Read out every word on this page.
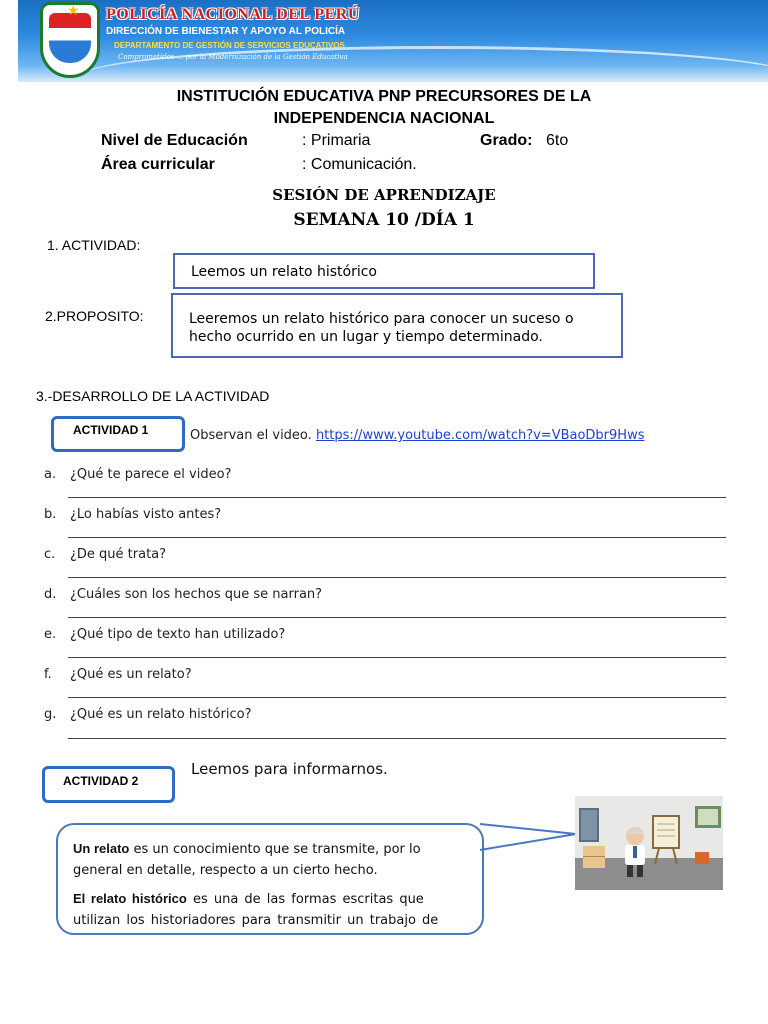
★ POLICÍA NACIONAL DEL PERÚ
DIRECCIÓN DE BIENESTAR Y APOYO AL POLICÍA
DEPARTAMENTO DE GESTIÓN DE SERVICIOS EDUCATIVOS
Comprometidos ... por la Modernización de la Gestión Educativa
INSTITUCIÓN EDUCATIVA PNP PRECURSORES DE LA
INDEPENDENCIA NACIONAL
Nivel de Educación	: Primaria	Grado: 6to
Área curricular	: Comunicación.
SESIÓN DE APRENDIZAJE
SEMANA 10 /DÍA 1
1. ACTIVIDAD:
Leemos un relato histórico
2.PROPOSITO:	Leeremos un relato histórico para conocer un suceso o
hecho ocurrido en un lugar y tiempo determinado.
3.-DESARROLLO DE LA ACTIVIDAD
ACTIVIDAD 1	Observan el video. https://www.youtube.com/watch?v=VBaoDbr9Hws
a. ¿Qué te parece el video?
b. ¿Lo habías visto antes?
c. ¿De qué trata?
d. ¿Cuáles son los hechos que se narran?
e. ¿Qué tipo de texto han utilizado?
f. ¿Qué es un relato?
g. ¿Qué es un relato histórico?
ACTIVIDAD 2
Leemos para informarnos.
Un relato es un conocimiento que se transmite, por lo
general en detalle, respecto a un cierto hecho.
El relato histórico es una de las formas escritas que
utilizan los historiadores para transmitir un trabajo de
